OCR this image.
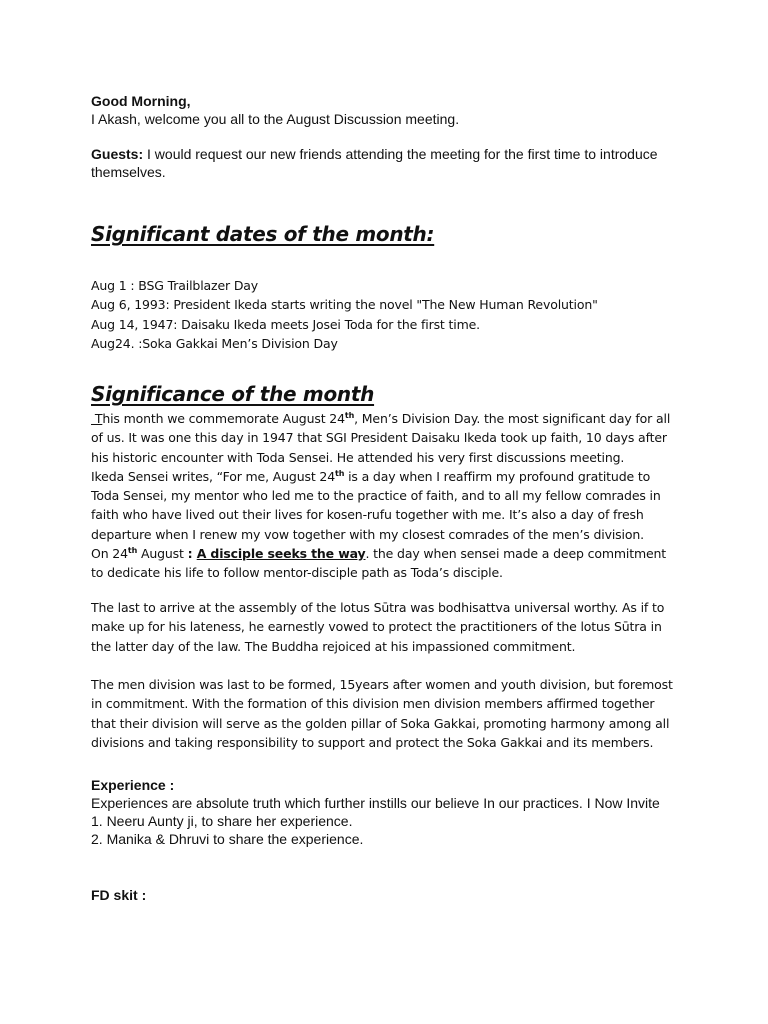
Good Morning,

I Akash, welcome you all to the August Discussion meeting.

Guests: I would request our new friends attending the meeting for the first time to introduce themselves.

Significant dates of the month:

Aug 1 : BSG Trailblazer Day

Aug 6, 1993: President Ikeda starts writing the novel "The New Human Revolution"

Aug 14, 1947: Daisaku Ikeda meets Josei Toda for the first time.

Aug24. :Soka Gakkai Men’s Division Day

Significance of the month

This month we commemorate August 24th, Men’s Division Day. the most significant day for all of us. It was one this day in 1947 that SGI President Daisaku Ikeda took up faith, 10 days after his historic encounter with Toda Sensei. He attended his very first discussions meeting.

Ikeda Sensei writes, “For me, August 24th is a day when I reaffirm my profound gratitude to Toda Sensei, my mentor who led me to the practice of faith, and to all my fellow comrades in faith who have lived out their lives for kosen-rufu together with me. It’s also a day of fresh departure when I renew my vow together with my closest comrades of the men’s division.

On 24th August : A disciple seeks the way. the day when sensei made a deep commitment to dedicate his life to follow mentor-disciple path as Toda’s disciple.

The last to arrive at the assembly of the lotus Sūtra was bodhisattva universal worthy. As if to make up for his lateness, he earnestly vowed to protect the practitioners of the lotus Sūtra in the latter day of the law. The Buddha rejoiced at his impassioned commitment.
The men division was last to be formed, 15years after women and youth division, but foremost in commitment. With the formation of this division men division members affirmed together that their division will serve as the golden pillar of Soka Gakkai, promoting harmony among all divisions and taking responsibility to support and protect the Soka Gakkai and its members.

Experience :

Experiences are absolute truth which further instills our believe In our practices. I Now Invite

1. Neeru Aunty ji, to share her experience.

2. Manika & Dhruvi to share the experience.

FD skit :
